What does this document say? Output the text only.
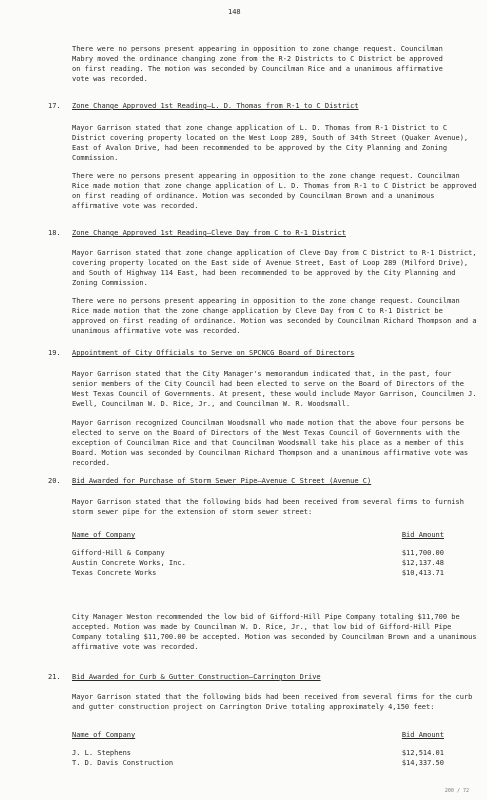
148

There were no persons present appearing in opposition to zone change request. Councilman Mabry moved the ordinance changing zone from the R-2 Districts to C District be approved on first reading. The motion was seconded by Councilman Rice and a unanimous affirmative vote was recorded.

17. Zone Change Approved 1st Reading—L. D. Thomas from R-1 to C District

Mayor Garrison stated that zone change application of L. D. Thomas from R-1 District to C District covering property located on the West Loop 289, South of 34th Street (Quaker Avenue), East of Avalon Drive, had been recommended to be approved by the City Planning and Zoning Commission.

There were no persons present appearing in opposition to the zone change request. Councilman Rice made motion that zone change application of L. D. Thomas from R-1 to C District be approved on first reading of ordinance. Motion was seconded by Councilman Brown and a unanimous affirmative vote was recorded.

18. Zone Change Approved 1st Reading—Cleve Day from C to R-1 District

Mayor Garrison stated that zone change application of Cleve Day from C District to R-1 District, covering property located on the East side of Avenue Street, East of Loop 289 (Milford Drive), and South of Highway 114 East, had been recommended to be approved by the City Planning and Zoning Commission.

There were no persons present appearing in opposition to the zone change request. Councilman Rice made motion that the zone change application by Cleve Day from C to R-1 District be approved on first reading of ordinance. Motion was seconded by Councilman Richard Thompson and a unanimous affirmative vote was recorded.

19. Appointment of City Officials to Serve on SPCNCG Board of Directors

Mayor Garrison stated that the City Manager's memorandum indicated that, in the past, four senior members of the City Council had been elected to serve on the Board of Directors of the West Texas Council of Governments. At present, these would include Mayor Garrison, Councilmen J. Ewell, Councilman W. D. Rice, Jr., and Councilman W. R. Woodsmall.

Mayor Garrison recognized Councilman Woodsmall who made motion that the above four persons be elected to serve on the Board of Directors of the West Texas Council of Governments with the exception of Councilman Rice and that Councilman Woodsmall take his place as a member of this Board. Motion was seconded by Councilman Richard Thompson and a unanimous affirmative vote was recorded.

20. Bid Awarded for Purchase of Storm Sewer Pipe—Avenue C Street (Avenue C)

Mayor Garrison stated that the following bids had been received from several firms to furnish storm sewer pipe for the extension of storm sewer street:

Name of Company	Bid Amount
Gifford-Hill & Company	$11,700.00
Austin Concrete Works, Inc.	$12,137.48
Texas Concrete Works	$10,413.71

City Manager Weston recommended the low bid of Gifford-Hill Pipe Company totaling $11,700 be accepted. Motion was made by Councilman W. D. Rice, Jr., that low bid of Gifford-Hill Pipe Company totaling $11,700.00 be accepted. Motion was seconded by Councilman Brown and a unanimous affirmative vote was recorded.

21. Bid Awarded for Curb & Gutter Construction—Carrington Drive

Mayor Garrison stated that the following bids had been received from several firms for the curb and gutter construction project on Carrington Drive totaling approximately 4,150 feet:

Name of Company	Bid Amount
J. L. Stephens	$12,514.01
T. D. Davis Construction	$14,337.50
200 / 72
